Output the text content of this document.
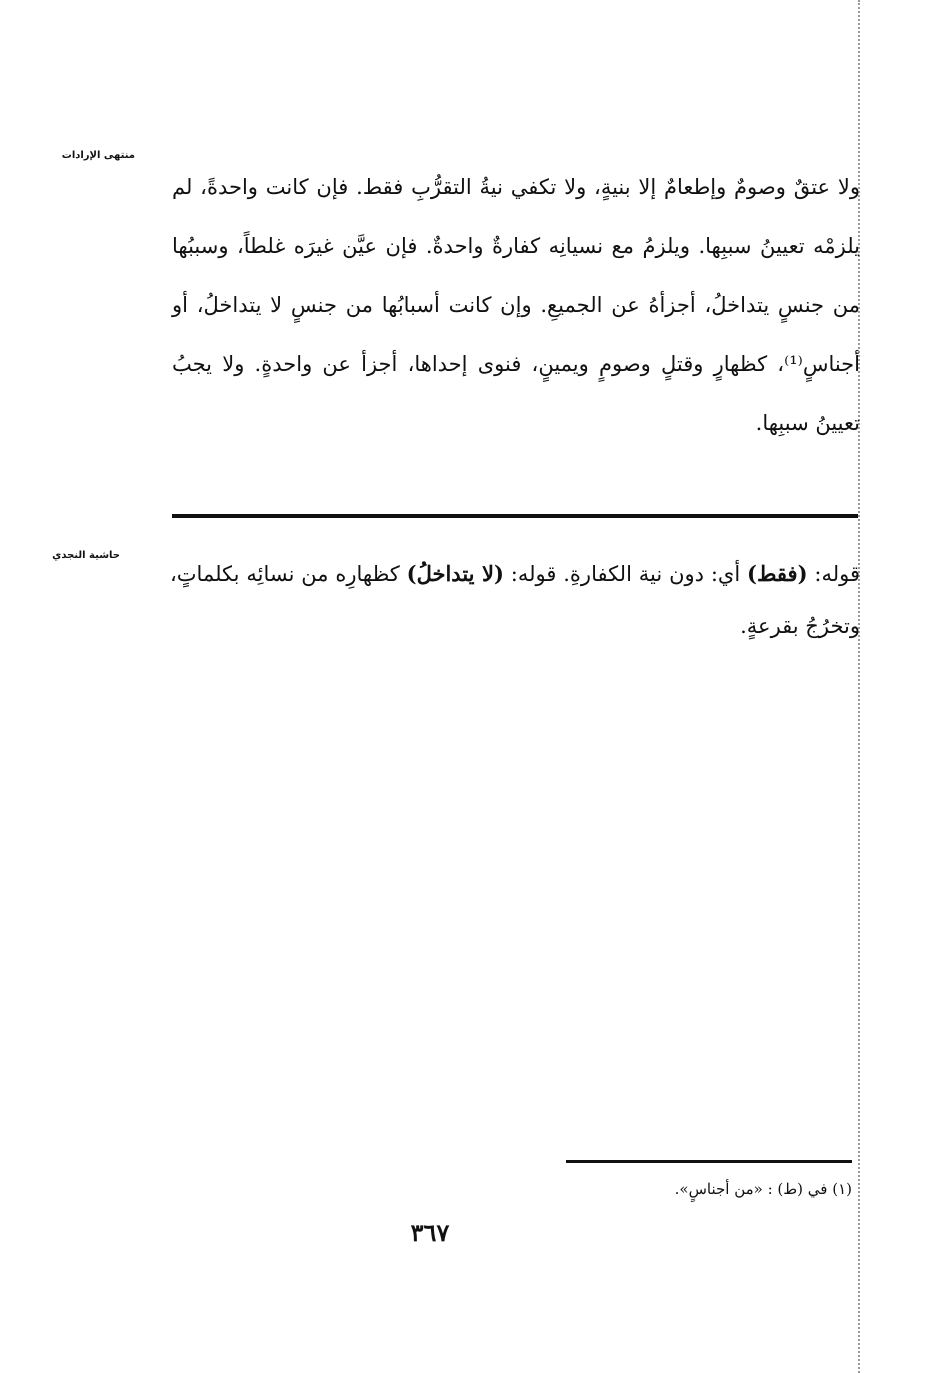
منتهى الإرادات

ولا عتقٌ وصومٌ وإطعامٌ إلا بنيةٍ، ولا تكفي نيةُ التقرُّبِ فقط. فإن كانت واحدةً، لم يلزمْه تعيينُ سببِها. ويلزمُ مع نسيانِه كفارةٌ واحدةٌ. فإن عيَّن غيرَه غلطاً، وسببُها من جنسٍ يتداخلُ، أجزأهُ عن الجميعِ. وإن كانت أسبابُها من جنسٍ لا يتداخلُ، أو أجناسٍ⁽¹⁾، كظهارٍ وقتلٍ وصومٍ ويمينٍ، فنوى إحداها، أجزأ عن واحدةٍ. ولا يجبُ تعيينُ سببِها.

حاشية النجدي

قوله: (فقط) أي: دون نية الكفارةِ. قوله: (لا يتداخلُ) كظهارِه من نسائِه بكلماتٍ، وتخرُجُ بقرعةٍ.

(١) في (ط) : «من أجناسٍ».
٣٦٧
